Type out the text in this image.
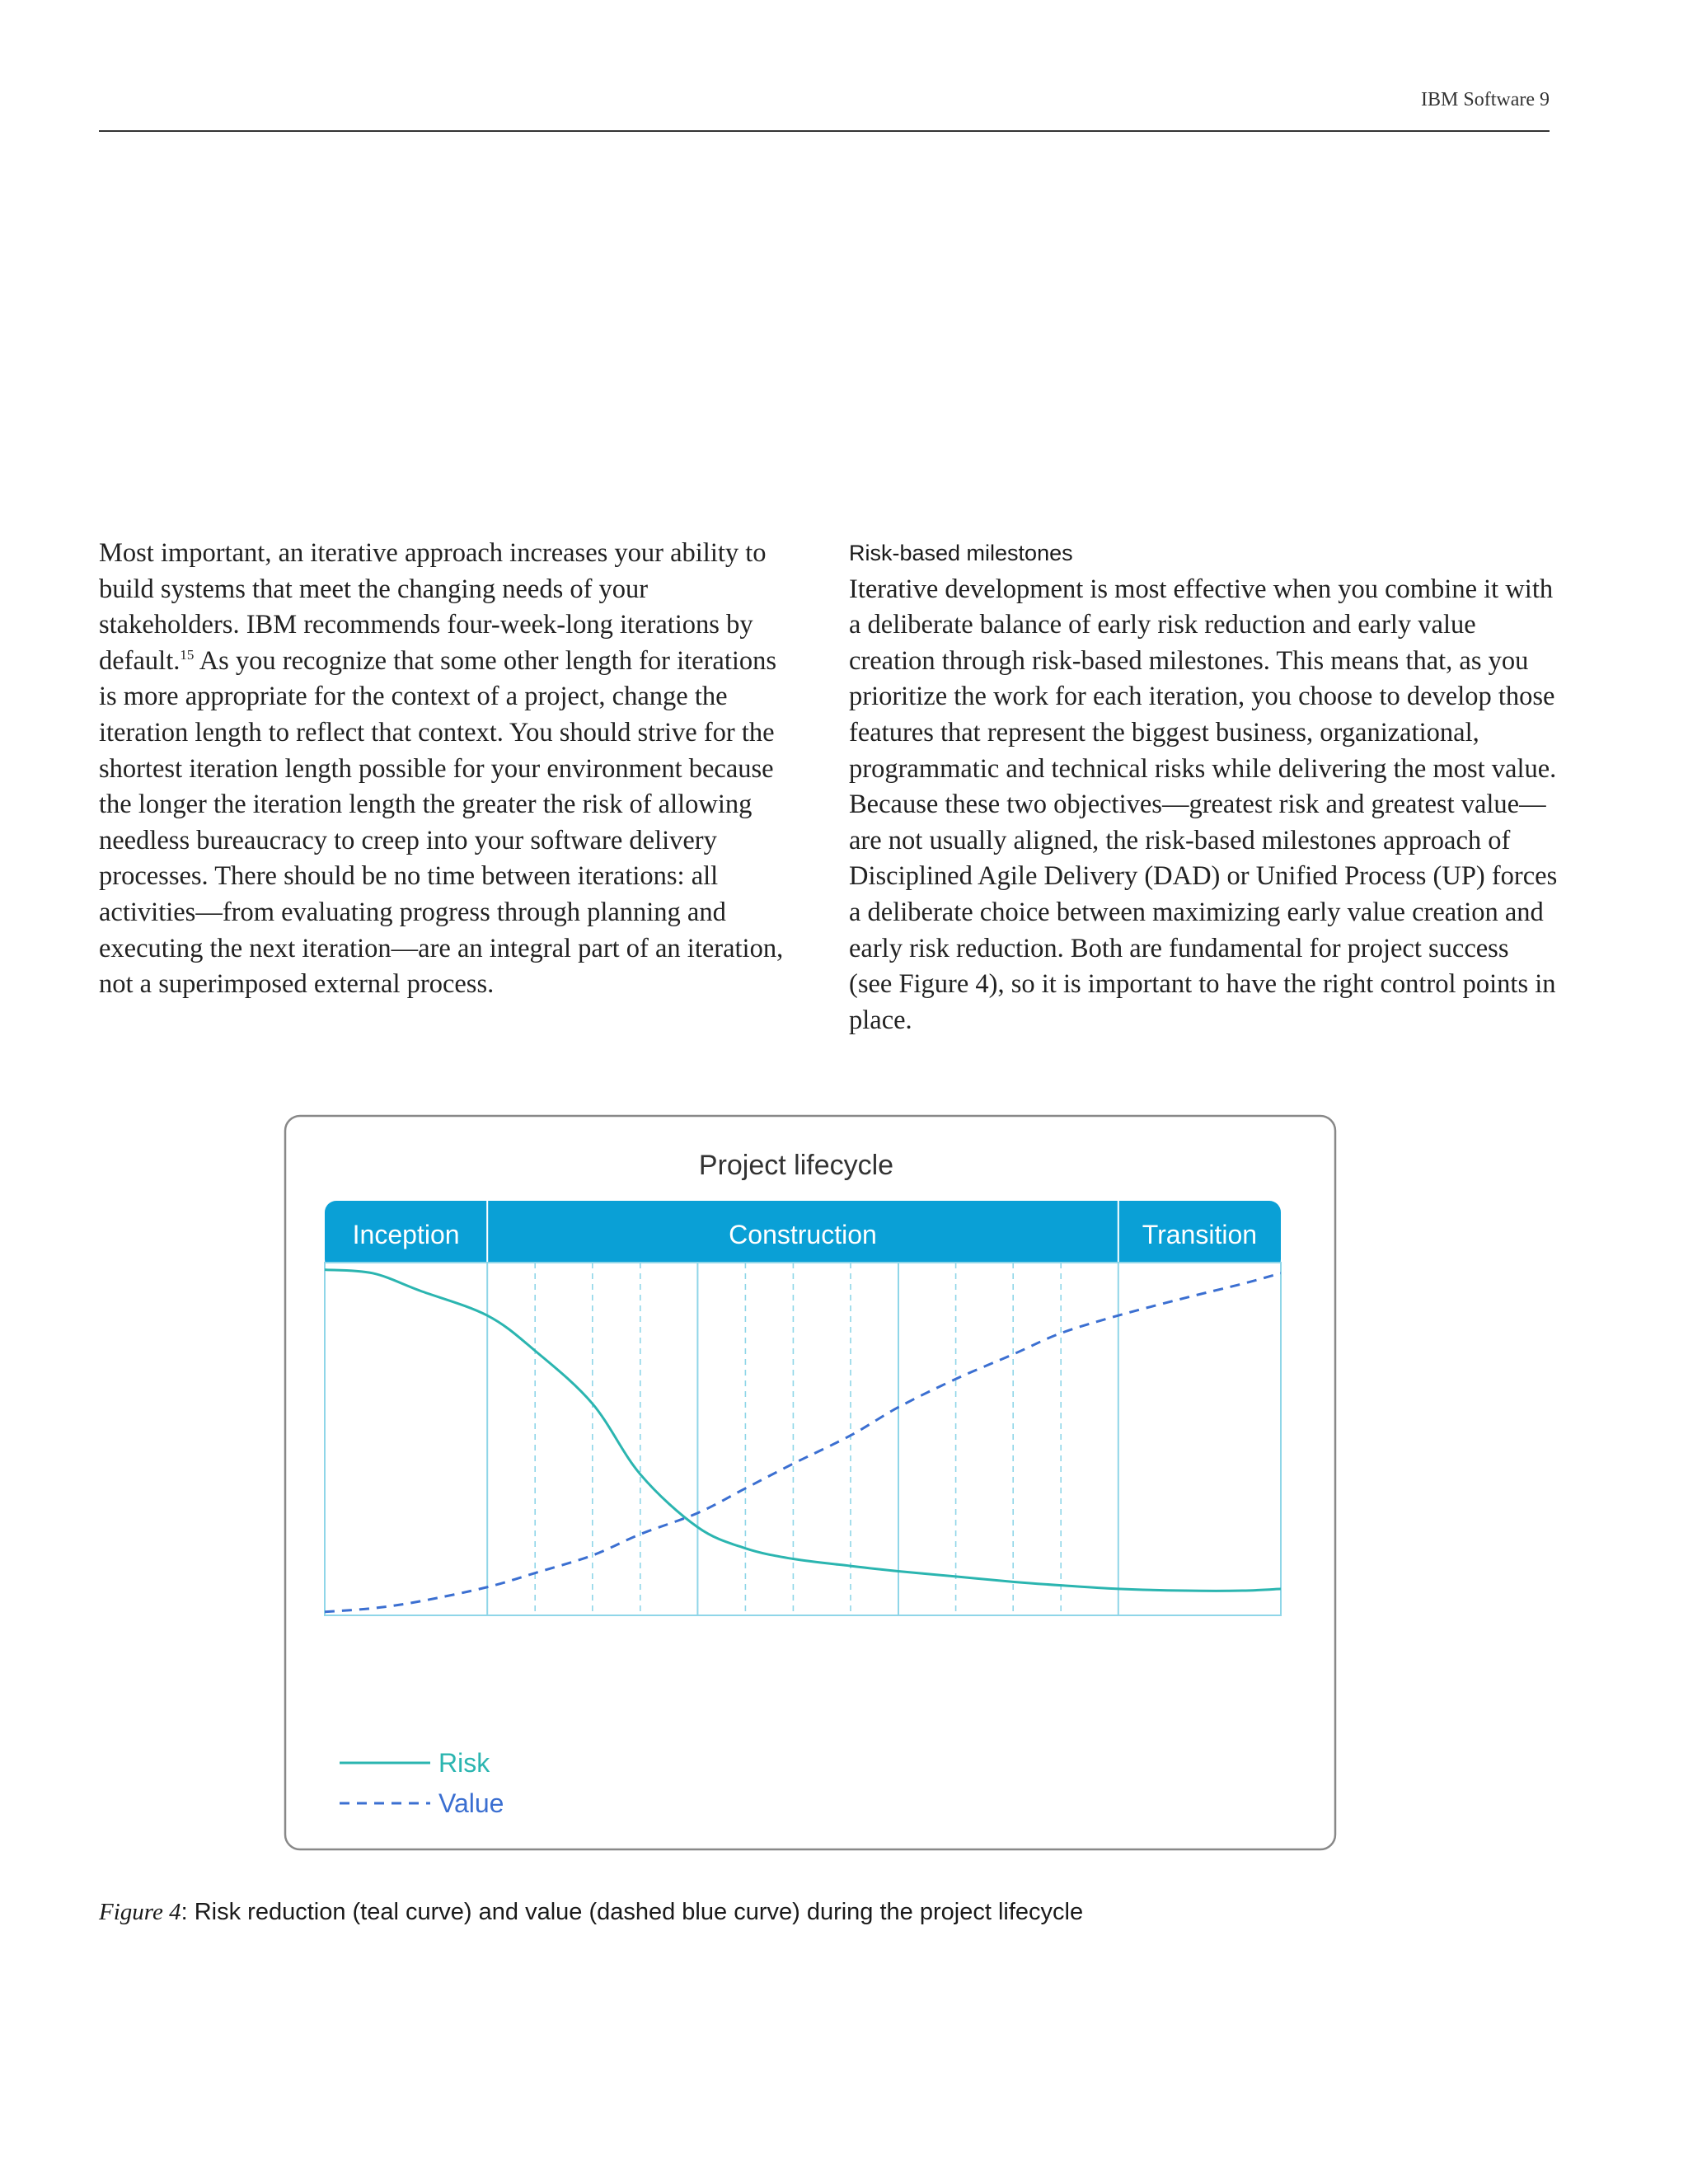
IBM Software 9

Most important, an iterative approach increases your ability to build systems that meet the changing needs of your stakeholders. IBM recommends four-week-long iterations by default.$^{15}$ As you recognize that some other length for iterations is more appropriate for the context of a project, change the iteration length to reflect that context. You should strive for the shortest iteration length possible for your environment because the longer the iteration length the greater the risk of allowing needless bureaucracy to creep into your software delivery processes. There should be no time between iterations: all activities—from evaluating progress through planning and executing the next iteration—are an integral part of an iteration, not a superimposed external process.

Risk-based milestones

Iterative development is most effective when you combine it with a deliberate balance of early risk reduction and early value creation through risk-based milestones. This means that, as you prioritize the work for each iteration, you choose to develop those features that represent the biggest business, organizational, programmatic and technical risks while delivering the most value. Because these two objectives—greatest risk and greatest value—are not usually aligned, the risk-based milestones approach of Disciplined Agile Delivery (DAD) or Unified Process (UP) forces a deliberate choice between maximizing early value creation and early risk reduction. Both are fundamental for project success (see Figure 4), so it is important to have the right control points in place.

Project lifecycle
Inception	Construction	Transition
Risk
Value
Figure 4: Risk reduction (teal curve) and value (dashed blue curve) during the project lifecycle
